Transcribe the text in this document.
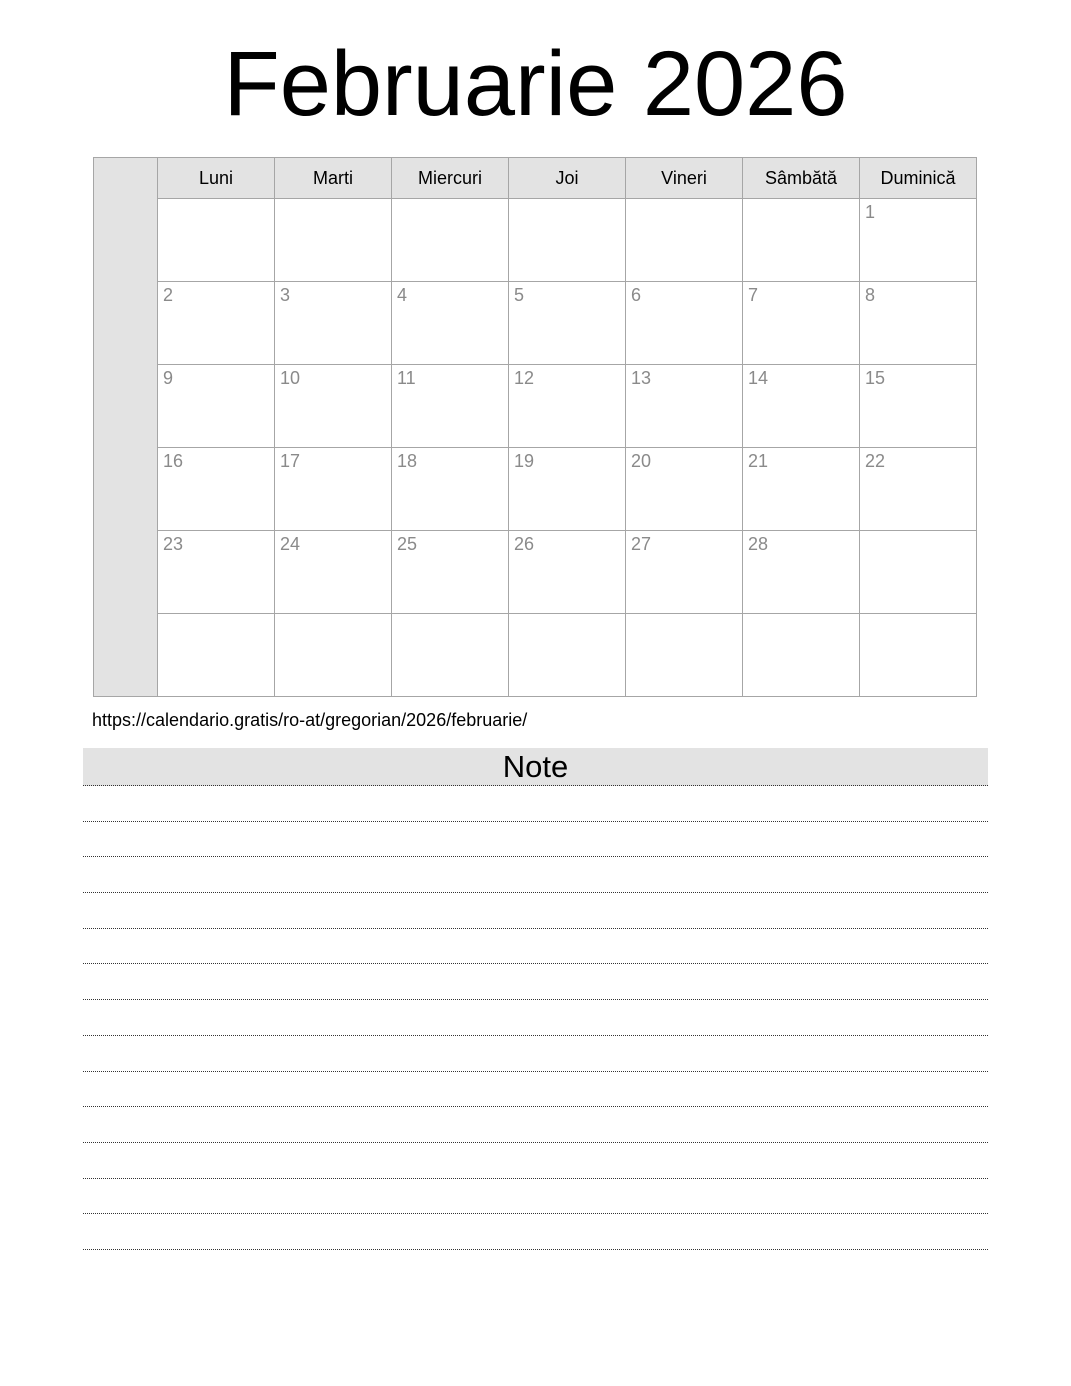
Februarie 2026
	Luni	Marti	Miercuri	Joi	Vineri	Sâmbătă	Duminică
							1
	2	3	4	5	6	7	8
	9	10	11	12	13	14	15
	16	17	18	19	20	21	22
	23	24	25	26	27	28	

https://calendario.gratis/ro-at/gregorian/2026/februarie/
Note
